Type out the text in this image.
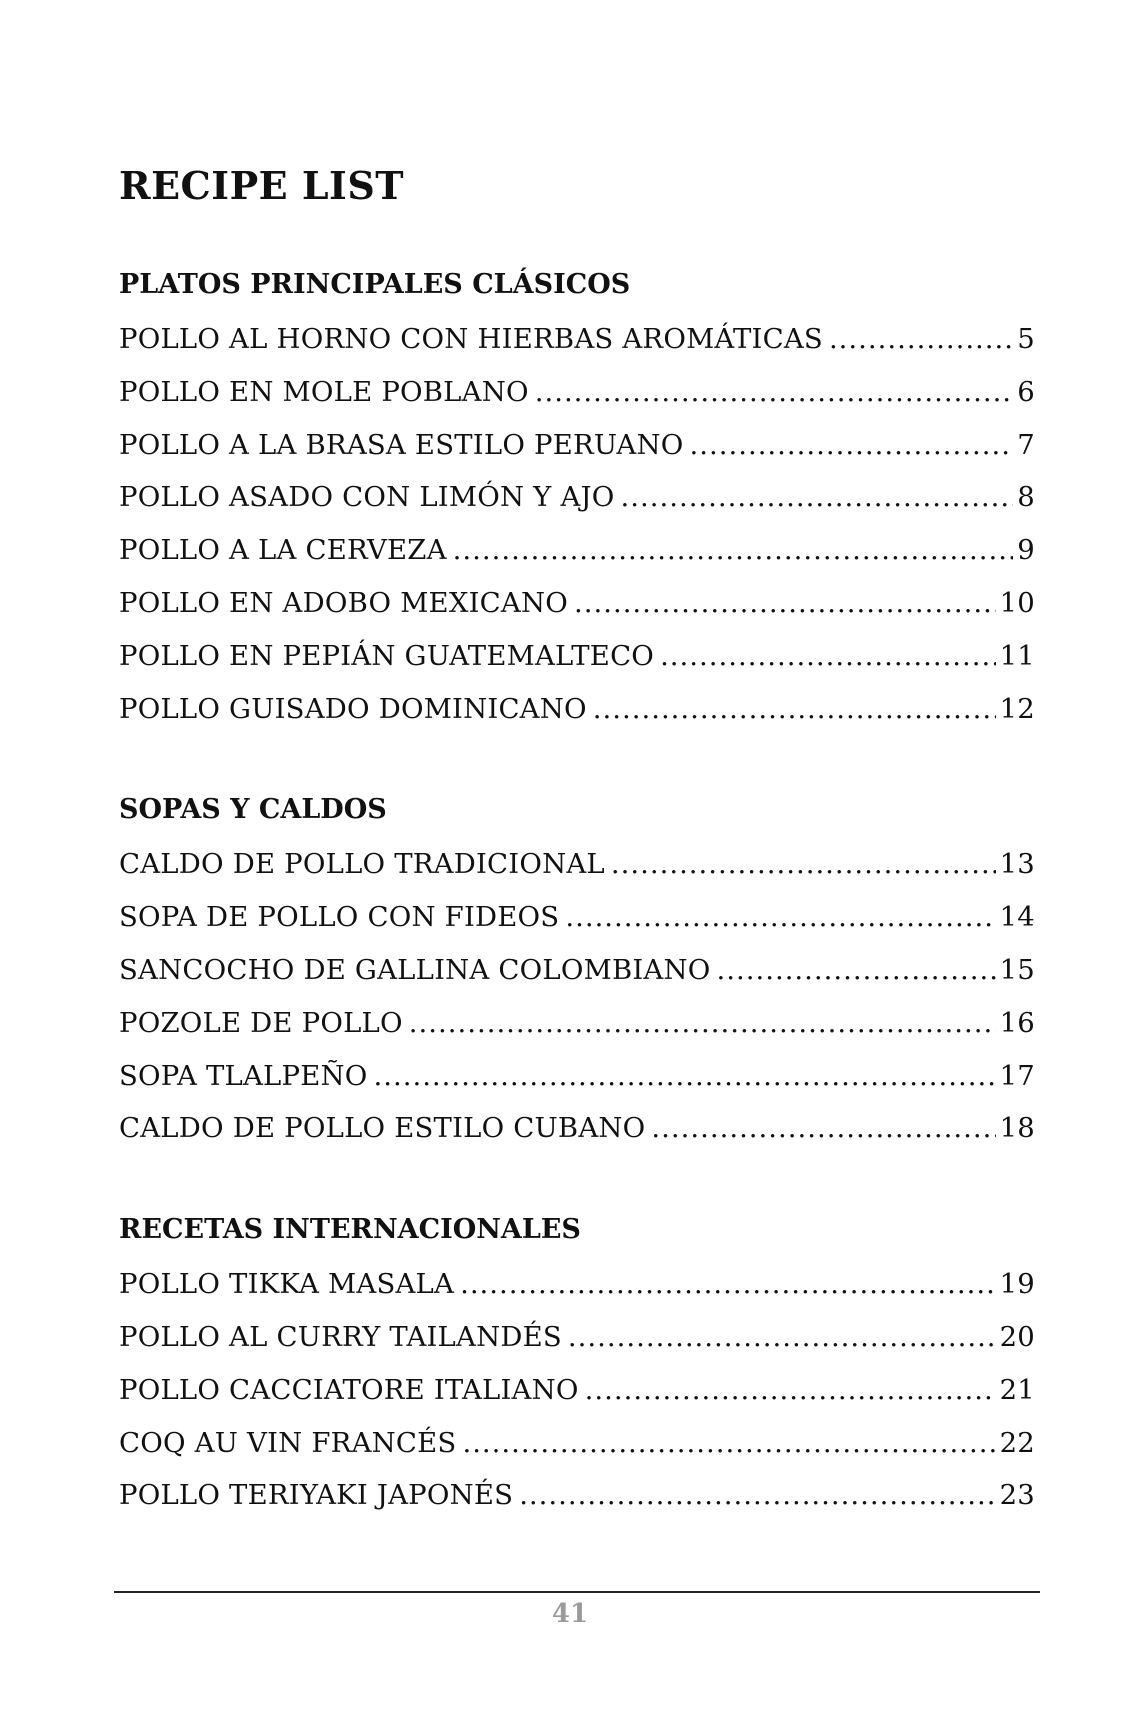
RECIPE LIST
PLATOS PRINCIPALES CLÁSICOS
POLLO AL HORNO CON HIERBAS AROMÁTICAS .....	5
POLLO EN MOLE POBLANO .....	6
POLLO A LA BRASA ESTILO PERUANO .....	7
POLLO ASADO CON LIMÓN Y AJO .....	8
POLLO A LA CERVEZA .....	9
POLLO EN ADOBO MEXICANO .....	10
POLLO EN PEPIÁN GUATEMALTECO .....	11
POLLO GUISADO DOMINICANO .....	12
SOPAS Y CALDOS
CALDO DE POLLO TRADICIONAL .....	13
SOPA DE POLLO CON FIDEOS .....	14
SANCOCHO DE GALLINA COLOMBIANO .....	15
POZOLE DE POLLO .....	16
SOPA TLALPEÑO .....	17
CALDO DE POLLO ESTILO CUBANO .....	18
RECETAS INTERNACIONALES
POLLO TIKKA MASALA .....	19
POLLO AL CURRY TAILANDÉS .....	20
POLLO CACCIATORE ITALIANO .....	21
COQ AU VIN FRANCÉS .....	22
POLLO TERIYAKI JAPONÉS .....	23
41
